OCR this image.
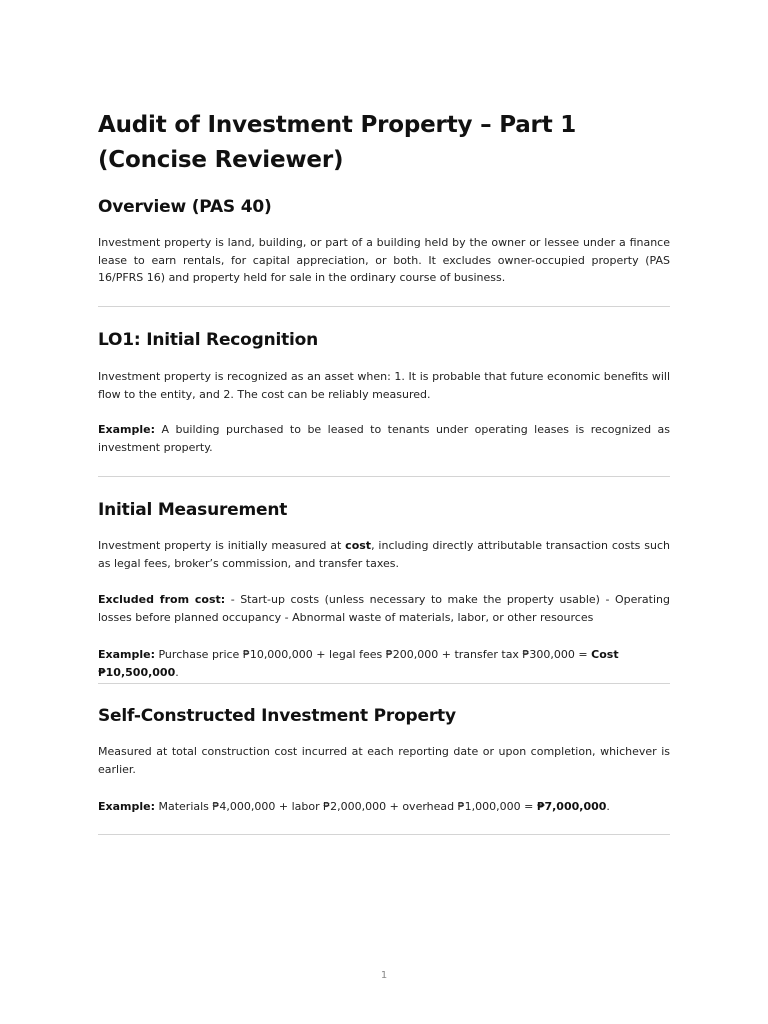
Audit of Investment Property – Part 1 (Concise Reviewer)
Overview (PAS 40)

Investment property is land, building, or part of a building held by the owner or lessee under a finance lease to earn rentals, for capital appreciation, or both. It excludes owner-occupied property (PAS 16/PFRS 16) and property held for sale in the ordinary course of business.

LO1: Initial Recognition

Investment property is recognized as an asset when: 1. It is probable that future economic benefits will flow to the entity, and 2. The cost can be reliably measured.

Example: A building purchased to be leased to tenants under operating leases is recognized as investment property.

Initial Measurement

Investment property is initially measured at cost, including directly attributable transaction costs such as legal fees, broker’s commission, and transfer taxes.

Excluded from cost: - Start-up costs (unless necessary to make the property usable) - Operating losses before planned occupancy - Abnormal waste of materials, labor, or other resources

Example: Purchase price ₱10,000,000 + legal fees ₱200,000 + transfer tax ₱300,000 = Cost ₱10,500,000.

Self-Constructed Investment Property

Measured at total construction cost incurred at each reporting date or upon completion, whichever is earlier.

Example: Materials ₱4,000,000 + labor ₱2,000,000 + overhead ₱1,000,000 = ₱7,000,000.

1
